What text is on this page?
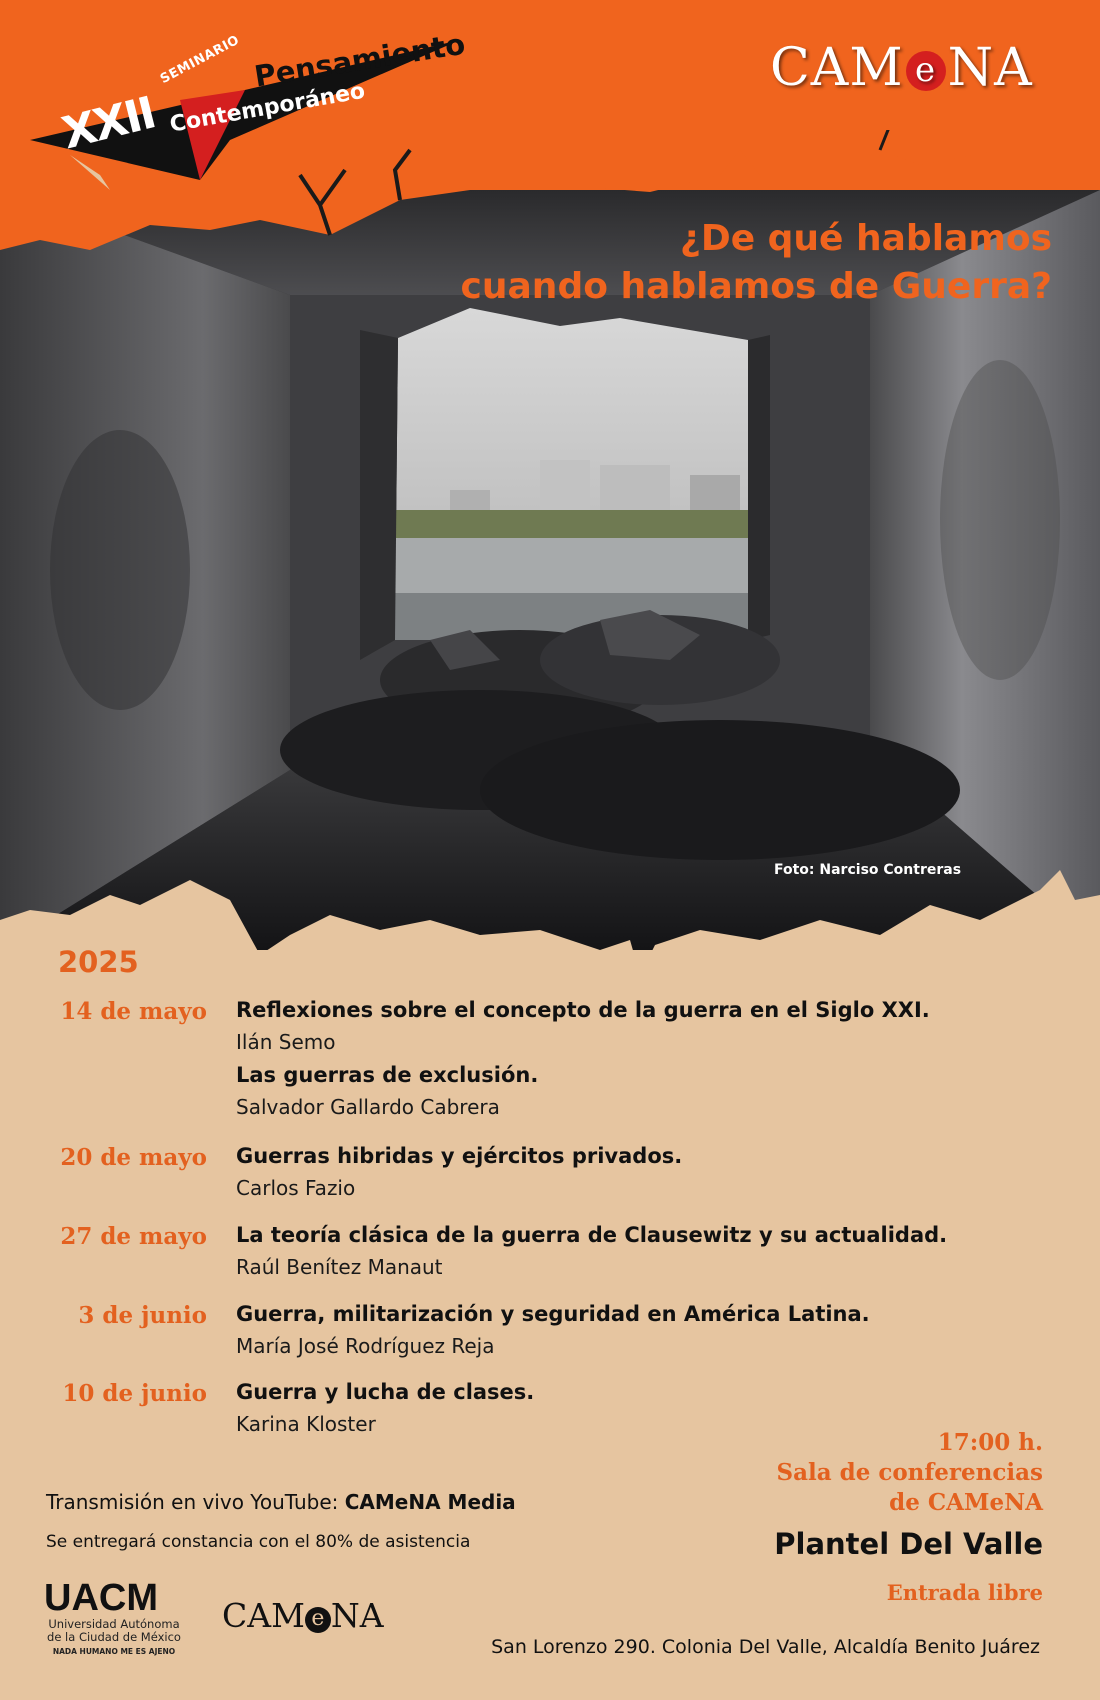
XXII
SEMINARIO Pensamiento
Contemporáneo
CAM e NA
¿De qué hablamos
cuando hablamos de Guerra?
Foto: Narciso Contreras
2025
14 de mayo Reflexiones sobre el concepto de la guerra en el Siglo XXI.
Ilán Semo
Las guerras de exclusión.
Salvador Gallardo Cabrera
20 de mayo Guerras hibridas y ejércitos privados.
Carlos Fazio
27 de mayo La teoría clásica de la guerra de Clausewitz y su actualidad.
Raúl Benítez Manaut
3 de junio Guerra, militarización y seguridad en América Latina.
María José Rodríguez Reja
10 de junio Guerra y lucha de clases.
Karina Kloster
Transmisión en vivo YouTube: CAMeNA Media
Se entregará constancia con el 80% de asistencia
17:00 h.
Sala de conferencias
de CAMeNA
Plantel Del Valle
Entrada libre
UACM
Universidad Autónoma
de la Ciudad de México
NADA HUMANO ME ES AJENO
CAM e NA
San Lorenzo 290. Colonia Del Valle, Alcaldía Benito Juárez
